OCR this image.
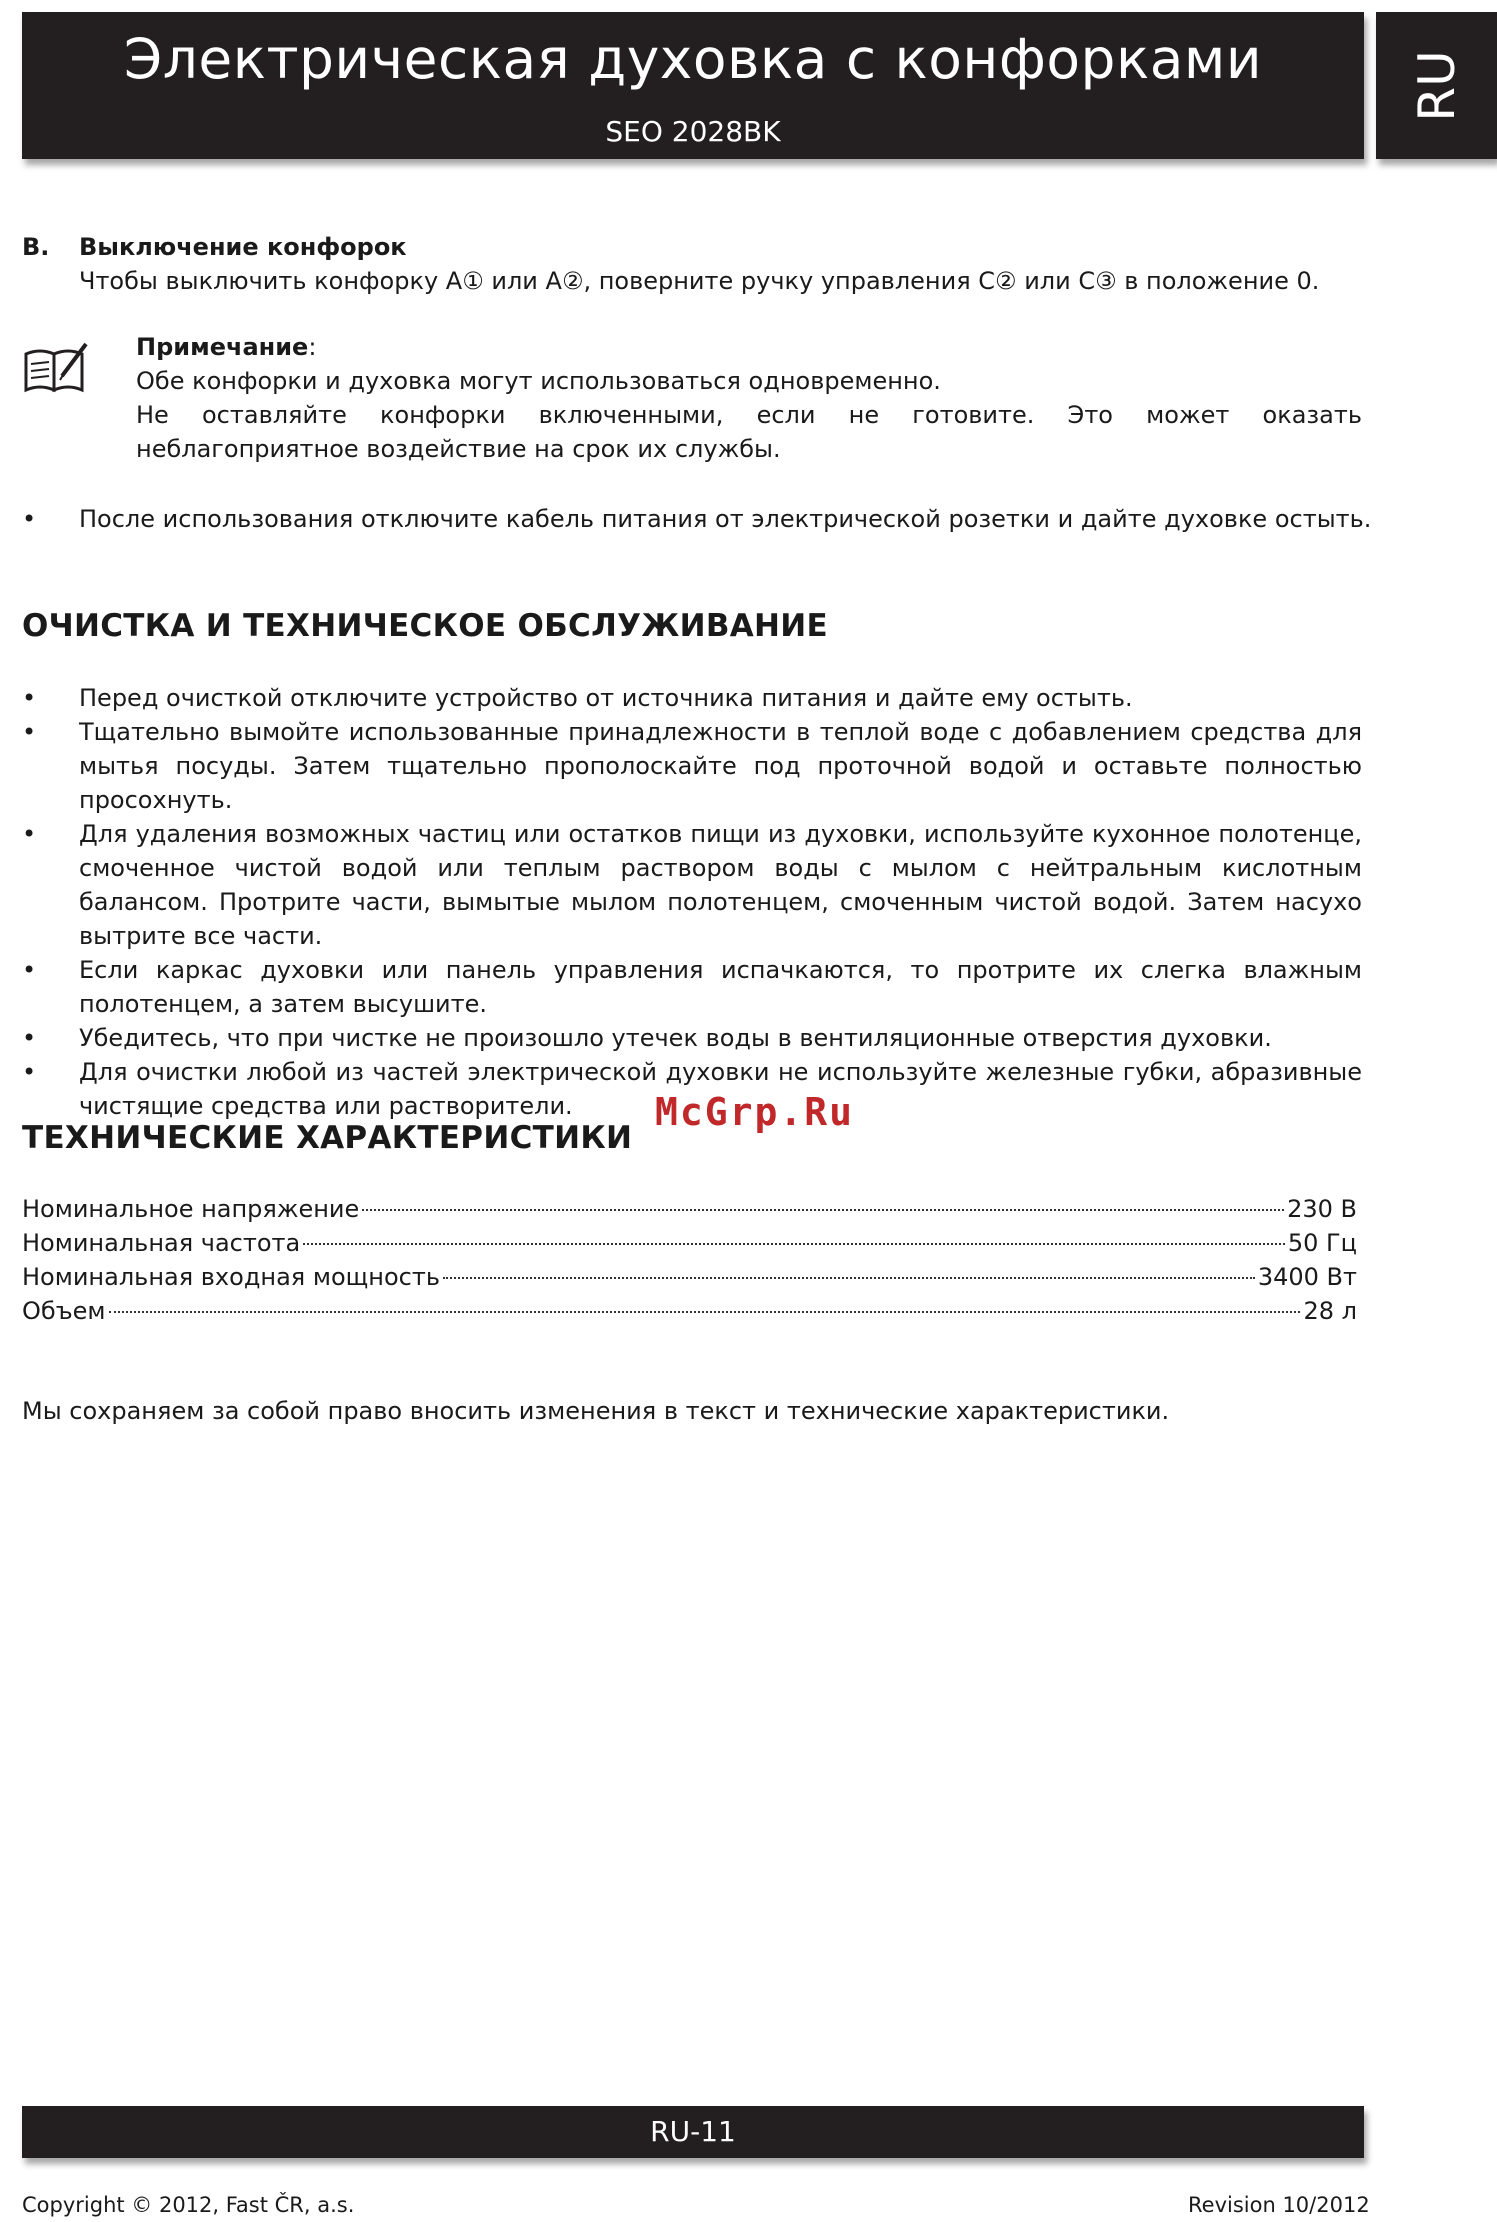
Электрическая духовка с конфорками
SEO 2028BK
RU
B. Выключение конфорок
Чтобы выключить конфорку A① или A②, поверните ручку управления C② или C③ в положение 0.
Примечание:
Обе конфорки и духовка могут использоваться одновременно.
Не оставляйте конфорки включенными, если не готовите. Это может оказать неблагоприятное воздействие на срок их службы.
• После использования отключите кабель питания от электрической розетки и дайте духовке остыть.
ОЧИСТКА И ТЕХНИЧЕСКОЕ ОБСЛУЖИВАНИЕ
• Перед очисткой отключите устройство от источника питания и дайте ему остыть.
• Тщательно вымойте использованные принадлежности в теплой воде с добавлением средства для мытья посуды. Затем тщательно прополоскайте под проточной водой и оставьте полностью просохнуть.
• Для удаления возможных частиц или остатков пищи из духовки, используйте кухонное полотенце, смоченное чистой водой или теплым раствором воды с мылом с нейтральным кислотным балансом. Протрите части, вымытые мылом полотенцем, смоченным чистой водой. Затем насухо вытрите все части.
• Если каркас духовки или панель управления испачкаются, то протрите их слегка влажным полотенцем, а затем высушите.
• Убедитесь, что при чистке не произошло утечек воды в вентиляционные отверстия духовки.
• Для очистки любой из частей электрической духовки не используйте железные губки, абразивные чистящие средства или растворители.
ТЕХНИЧЕСКИЕ ХАРАКТЕРИСТИКИ
Номинальное напряжение	230 В
Номинальная частота	50 Гц
Номинальная входная мощность	3400 Вт
Объем	28 л
Мы сохраняем за собой право вносить изменения в текст и технические характеристики.
McGrp.Ru
RU-11
Copyright © 2012, Fast ČR, a.s.	Revision 10/2012
